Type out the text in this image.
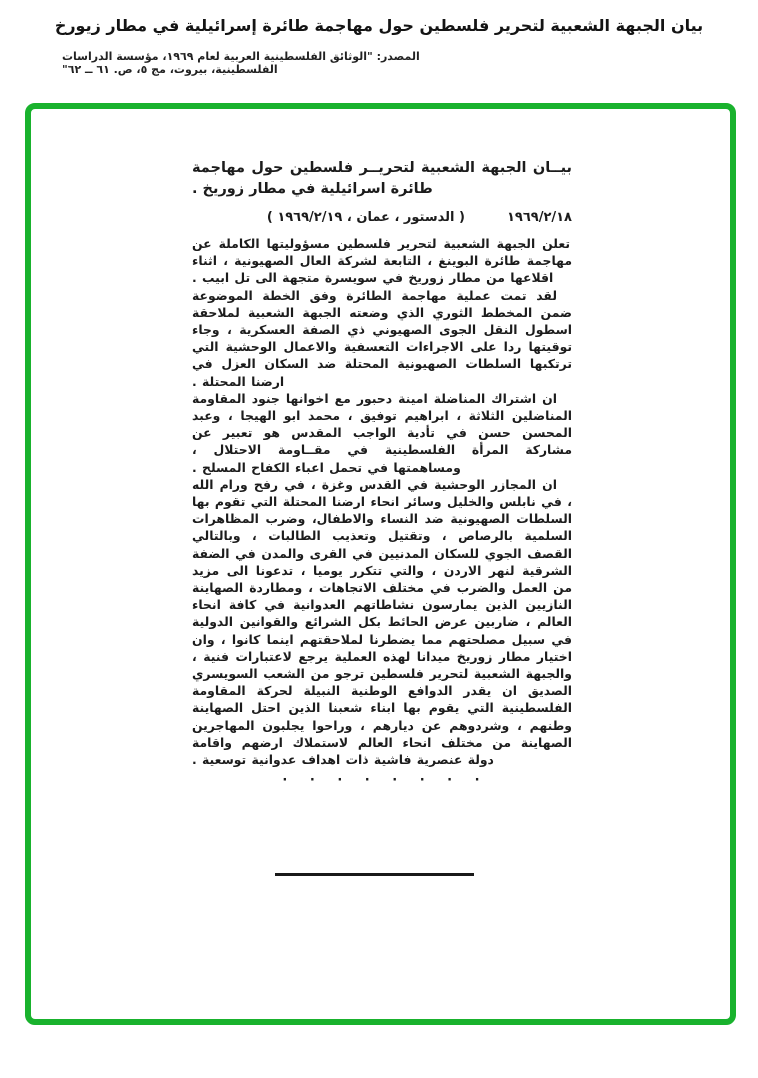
بيان الجبهة الشعبية لتحرير فلسطين حول مهاجمة طائرة إسرائيلية في مطار زيورخ
المصدر: "الوثائق الفلسطينية العربية لعام ١٩٦٩، مؤسسة الدراسات الفلسطينية، بيروت، مج ٥، ص. ٦١ ــ ٦٢"
بيــان الجبهة الشعبية لتحريــر فلسطين حول مهاجمة طائرة اسرائيلية في مطار زوريخ .
١٩٦٩/٢/١٨
( الدستور ، عمان ، ١٩٦٩/٢/١٩ )

تعلن الجبهة الشعبية لتحرير فلسطين مسؤوليتها الكاملة عن مهاجمة طائرة البوينغ ، التابعة لشركة العال الصهيونية ، اثناء اقلاعها من مطار زوريخ في سويسرة متجهة الى تل ابيب .

لقد تمت عملية مهاجمة الطائرة وفق الخطة الموضوعة ضمن المخطط الثوري الذي وضعته الجبهة الشعبية لملاحقة اسطول النقل الجوى الصهيوني ذي الصفة العسكرية ، وجاء توقيتها ردا على الاجراءات التعسفية والاعمال الوحشية التي ترتكبها السلطات الصهيونية المحتلة ضد السكان العزل في ارضنا المحتلة .

ان اشتراك المناضلة امينة دحبور مع اخوانها جنود المقاومة المناضلين الثلاثة ، ابراهيم توفيق ، محمد ابو الهيجا ، وعبد المحسن حسن في تأدية الواجب المقدس هو تعبير عن مشاركة المرأة الفلسطينية في مقــاومة الاحتلال ، ومساهمتها في تحمل اعباء الكفاح المسلح .

ان المجازر الوحشية في القدس وغزة ، في رفح ورام الله ، في نابلس والخليل وسائر انحاء ارضنا المحتلة التي تقوم بها السلطات الصهيونية ضد النساء والاطفال، وضرب المظاهرات السلمية بالرصاص ، وتقتيل وتعذيب الطالبات ، وبالتالي القصف الجوي للسكان المدنيين في القرى والمدن في الضفة الشرقية لنهر الاردن ، والتي تتكرر يوميا ، تدعونا الى مزيد من العمل والضرب في مختلف الاتجاهات ، ومطاردة الصهاينة النازيين الذين يمارسون نشاطاتهم العدوانية في كافة انحاء العالم ، ضاربين عرض الحائط بكل الشرائع والقوانين الدولية في سبيل مصلحتهم مما يضطرنا لملاحقتهم اينما كانوا ، وان اختيار مطار زوريخ ميدانا لهذه العملية يرجع لاعتبارات فنية ، والجبهة الشعبية لتحرير فلسطين ترجو من الشعب السويسري الصديق ان يقدر الدوافع الوطنية النبيلة لحركة المقاومة الفلسطينية التي يقوم بها ابناء شعبنا الذين احتل الصهاينة وطنهم ، وشردوهم عن ديارهم ، وراحوا يجلبون المهاجرين الصهاينة من مختلف انحاء العالم لاستملاك ارضهم واقامة دولة عنصرية فاشية ذات اهداف عدوانية توسعية .

· · · · · · · ·
